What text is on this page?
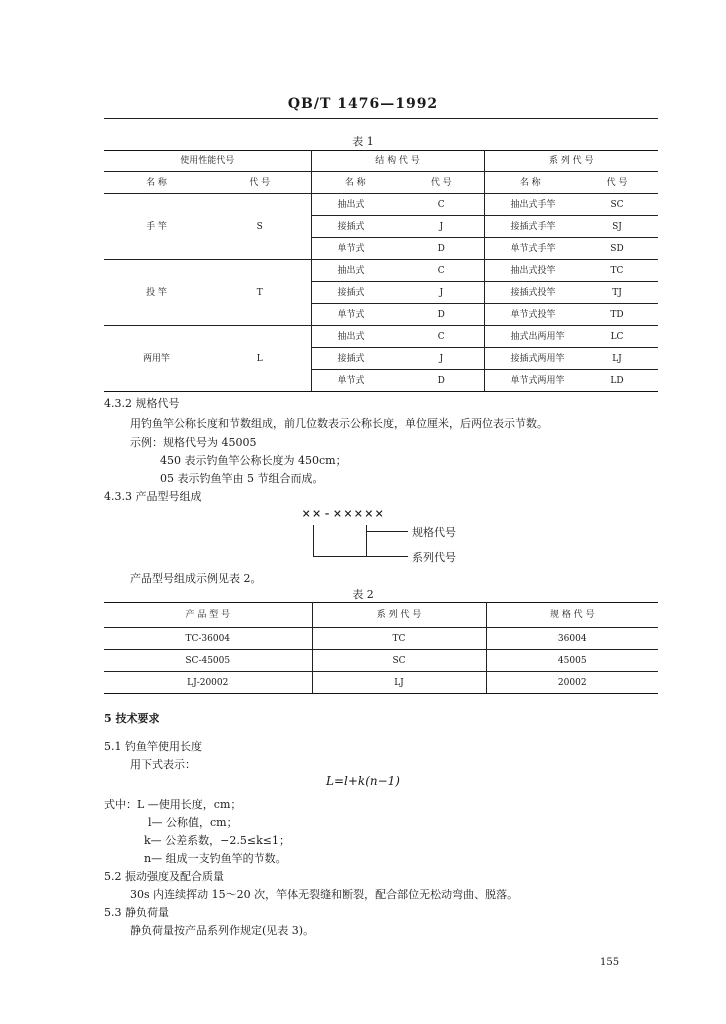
QB/T 1476—1992
表 1
使用性能代号		结 构 代 号		系 列 代 号	
名 称	代 号	名 称	代 号	名 称	代 号
手 竿	S	抽出式	C	抽出式手竿	SC
		接插式	J	接插式手竿	SJ
		单节式	D	单节式手竿	SD
投 竿	T	抽出式	C	抽出式投竿	TC
		接插式	J	接插式投竿	TJ
		单节式	D	单节式投竿	TD
两用竿	L	抽出式	C	抽式出两用竿	LC
		接插式	J	接插式两用竿	LJ
		单节式	D	单节式两用竿	LD
4.3.2 规格代号
用钓鱼竿公称长度和节数组成，前几位数表示公称长度，单位厘米，后两位表示节数。
示例：规格代号为 45005
450 表示钓鱼竿公称长度为 450cm；
05 表示钓鱼竿由 5 节组合而成。
4.3.3 产品型号组成
××-×××××
规格代号
系列代号
产品型号组成示例见表 2。
表 2
产 品 型 号	系 列 代 号	规 格 代 号
TC-36004	TC	36004
SC-45005	SC	45005
LJ-20002	LJ	20002
5 技术要求
5.1 钓鱼竿使用长度
用下式表示：
L=l+k(n−1)
式中：L —使用长度，cm；
l— 公称值，cm；
k— 公差系数，−2.5≤k≤1；
n— 组成一支钓鱼竿的节数。
5.2 振动强度及配合质量
30s 内连续挥动 15～20 次，竿体无裂缝和断裂，配合部位无松动弯曲、脱落。
5.3 静负荷量
静负荷量按产品系列作规定(见表 3)。
155
